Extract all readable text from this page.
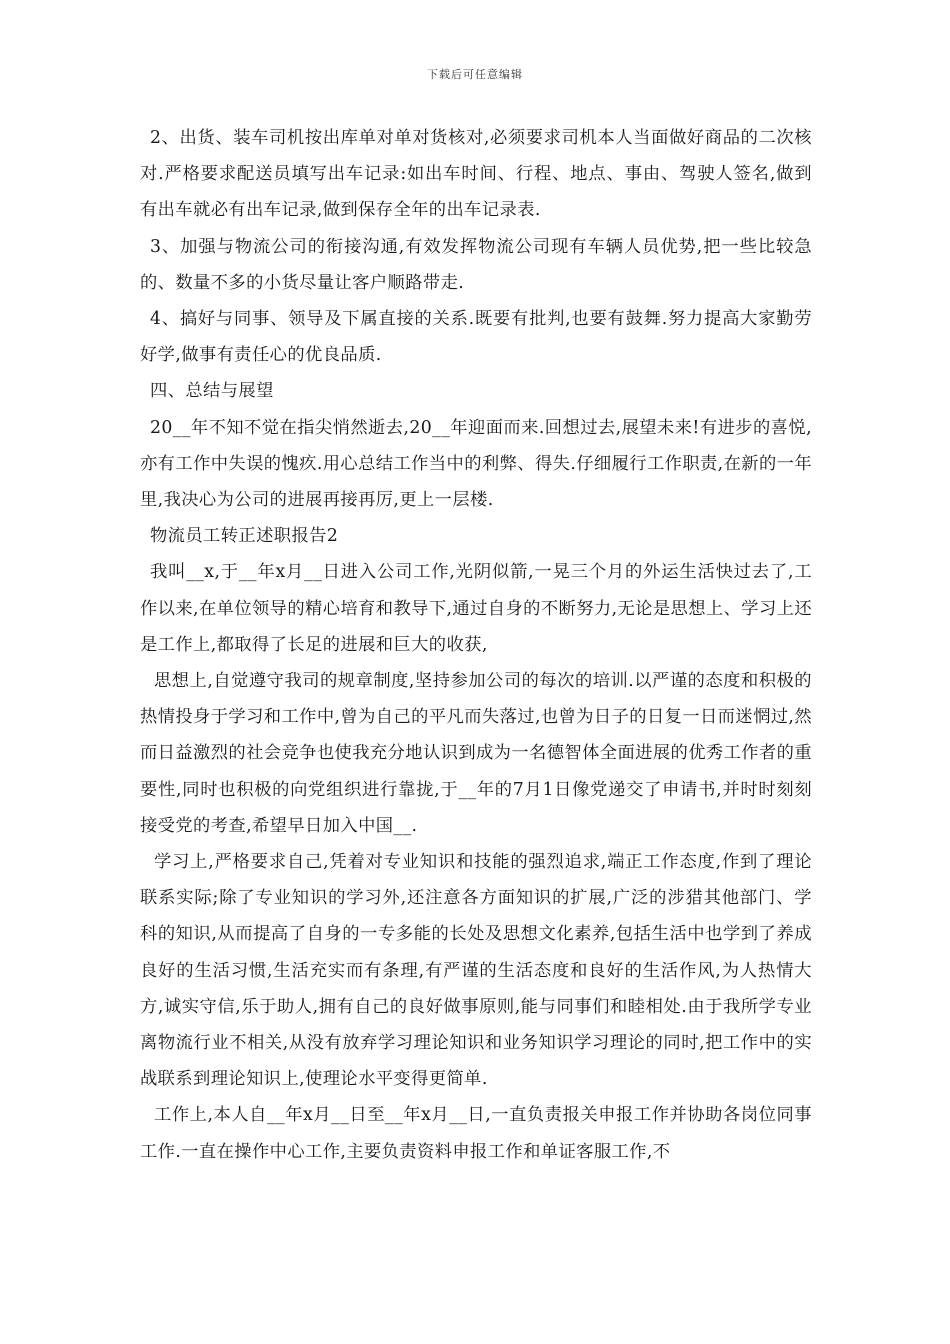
下载后可任意编辑

2、出货、装车司机按出库单对单对货核对,必须要求司机本人当面做好商品的二次核对.严格要求配送员填写出车记录:如出车时间、行程、地点、事由、驾驶人签名,做到有出车就必有出车记录,做到保存全年的出车记录表.

3、加强与物流公司的衔接沟通,有效发挥物流公司现有车辆人员优势,把一些比较急的、数量不多的小货尽量让客户顺路带走.

4、搞好与同事、领导及下属直接的关系.既要有批判,也要有鼓舞.努力提高大家勤劳好学,做事有责任心的优良品质.

四、总结与展望

20__年不知不觉在指尖悄然逝去,20__年迎面而来.回想过去,展望未来!有进步的喜悦,亦有工作中失误的愧疚.用心总结工作当中的利弊、得失.仔细履行工作职责,在新的一年里,我决心为公司的进展再接再厉,更上一层楼.

物流员工转正述职报告2

我叫__x,于__年x月__日进入公司工作,光阴似箭,一晃三个月的外运生活快过去了,工作以来,在单位领导的精心培育和教导下,通过自身的不断努力,无论是思想上、学习上还是工作上,都取得了长足的进展和巨大的收获,

思想上,自觉遵守我司的规章制度,坚持参加公司的每次的培训.以严谨的态度和积极的热情投身于学习和工作中,曾为自己的平凡而失落过,也曾为日子的日复一日而迷惘过,然而日益激烈的社会竞争也使我充分地认识到成为一名德智体全面进展的优秀工作者的重要性,同时也积极的向党组织进行靠拢,于__年的7月1日像党递交了申请书,并时时刻刻接受党的考查,希望早日加入中国__.

学习上,严格要求自己,凭着对专业知识和技能的强烈追求,端正工作态度,作到了理论联系实际;除了专业知识的学习外,还注意各方面知识的扩展,广泛的涉猎其他部门、学科的知识,从而提高了自身的一专多能的长处及思想文化素养,包括生活中也学到了养成良好的生活习惯,生活充实而有条理,有严谨的生活态度和良好的生活作风,为人热情大方,诚实守信,乐于助人,拥有自己的良好做事原则,能与同事们和睦相处.由于我所学专业离物流行业不相关,从没有放弃学习理论知识和业务知识学习理论的同时,把工作中的实战联系到理论知识上,使理论水平变得更简单.

工作上,本人自__年x月__日至__年x月__日,一直负责报关申报工作并协助各岗位同事工作.一直在操作中心工作,主要负责资料申报工作和单证客服工作,不
